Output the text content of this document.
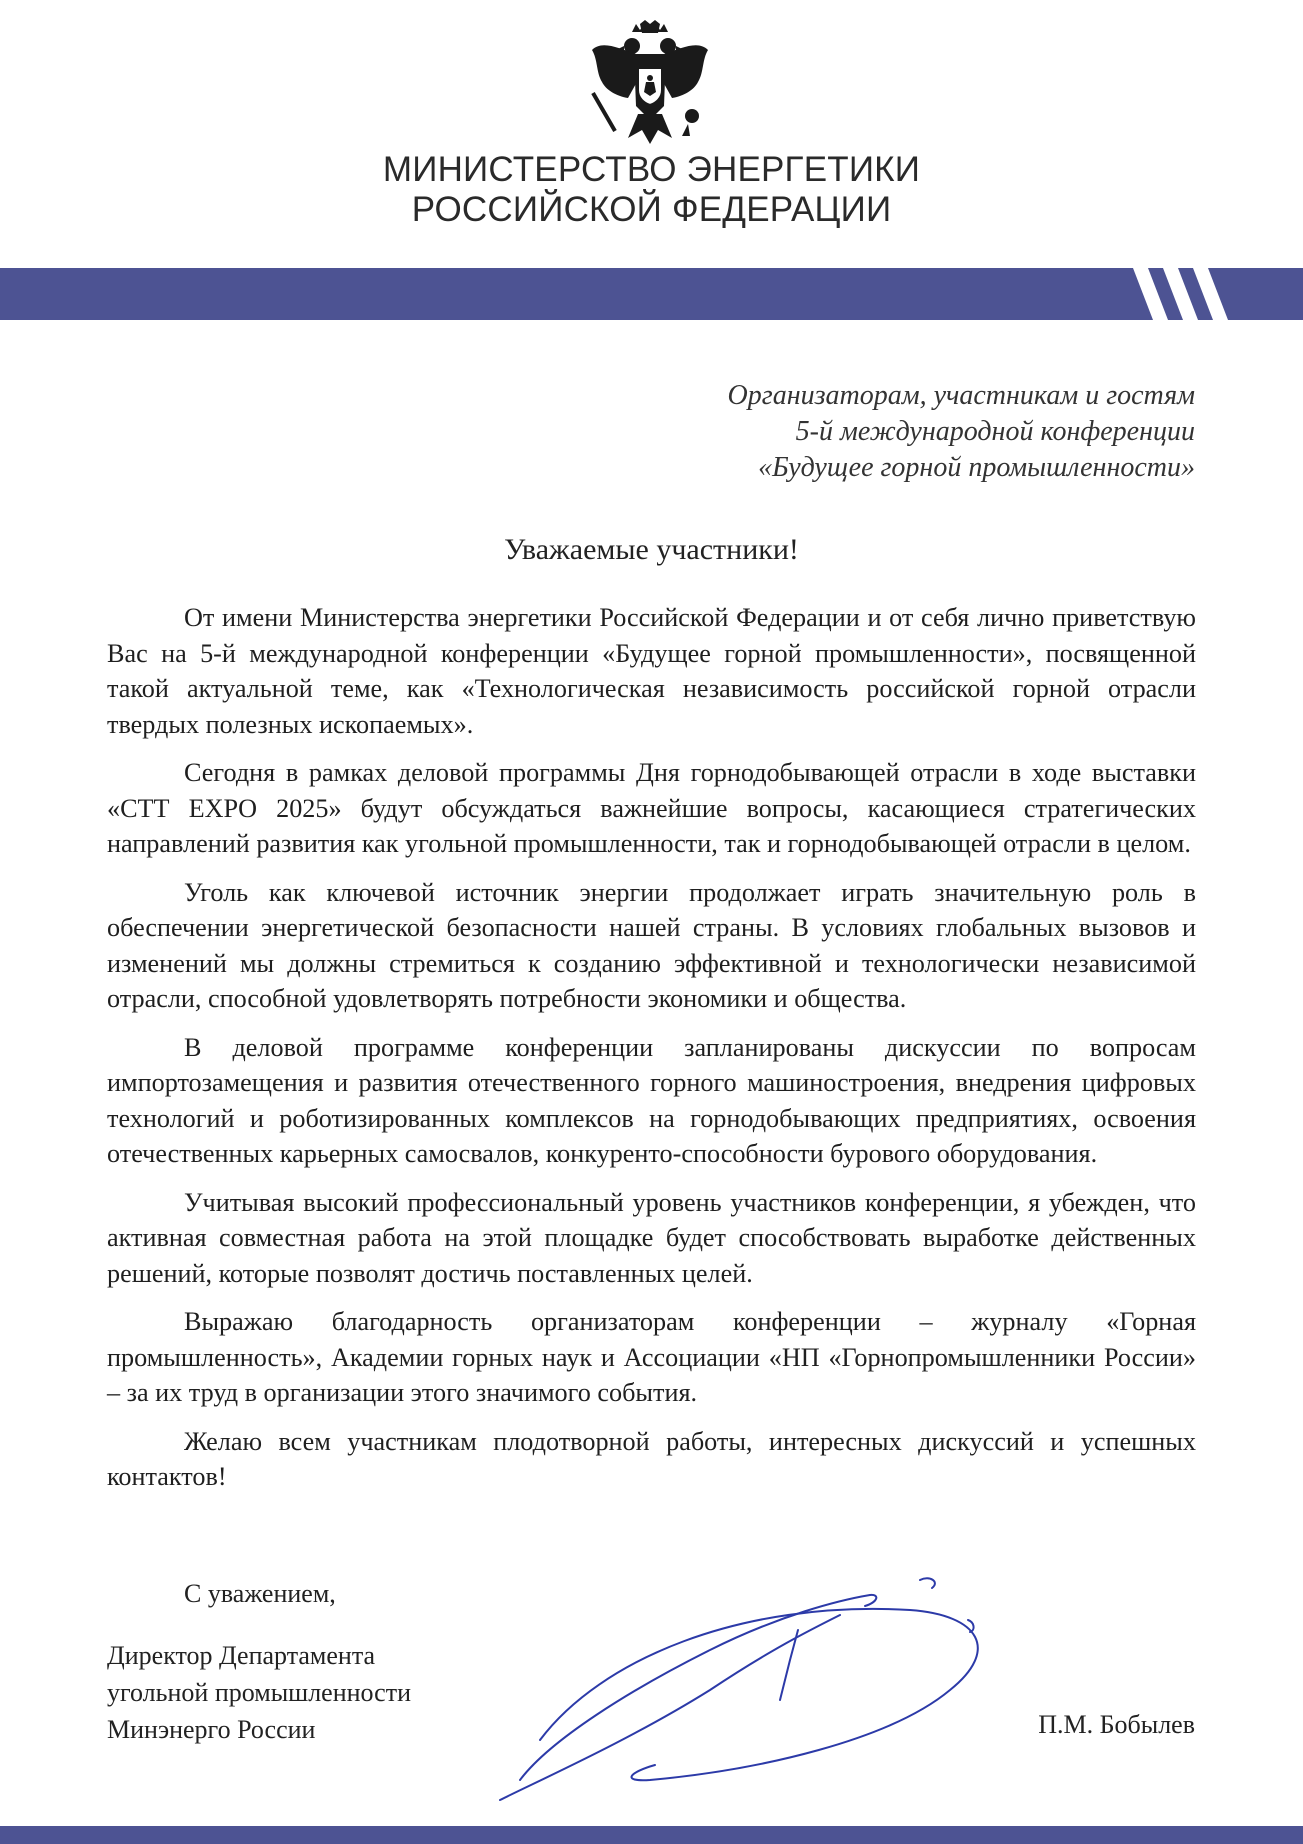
МИНИСТЕРСТВО ЭНЕРГЕТИКИ
РОССИЙСКОЙ ФЕДЕРАЦИИ
Организаторам, участникам и гостям
5-й международной конференции
«Будущее горной промышленности»
Уважаемые участники!

От имени Министерства энергетики Российской Федерации и от себя лично приветствую Вас на 5-й международной конференции «Будущее горной промышленности», посвященной такой актуальной теме, как «Технологическая независимость российской горной отрасли твердых полезных ископаемых».

Сегодня в рамках деловой программы Дня горнодобывающей отрасли в ходе выставки «СТТ EXPO 2025» будут обсуждаться важнейшие вопросы, касающиеся стратегических направлений развития как угольной промышленности, так и горнодобывающей отрасли в целом.

Уголь как ключевой источник энергии продолжает играть значительную роль в обеспечении энергетической безопасности нашей страны. В условиях глобальных вызовов и изменений мы должны стремиться к созданию эффективной и технологически независимой отрасли, способной удовлетворять потребности экономики и общества.

В деловой программе конференции запланированы дискуссии по вопросам импортозамещения и развития отечественного горного машиностроения, внедрения цифровых технологий и роботизированных комплексов на горнодобывающих предприятиях, освоения отечественных карьерных самосвалов, конкуренто-способности бурового оборудования.

Учитывая высокий профессиональный уровень участников конференции, я убежден, что активная совместная работа на этой площадке будет способствовать выработке действенных решений, которые позволят достичь поставленных целей.

Выражаю благодарность организаторам конференции – журналу «Горная промышленность», Академии горных наук и Ассоциации «НП «Горнопромышленники России» – за их труд в организации этого значимого события.

Желаю всем участникам плодотворной работы, интересных дискуссий и успешных контактов!

С уважением,
Директор Департамента
угольной промышленности
Минэнерго России	П.М. Бобылев
